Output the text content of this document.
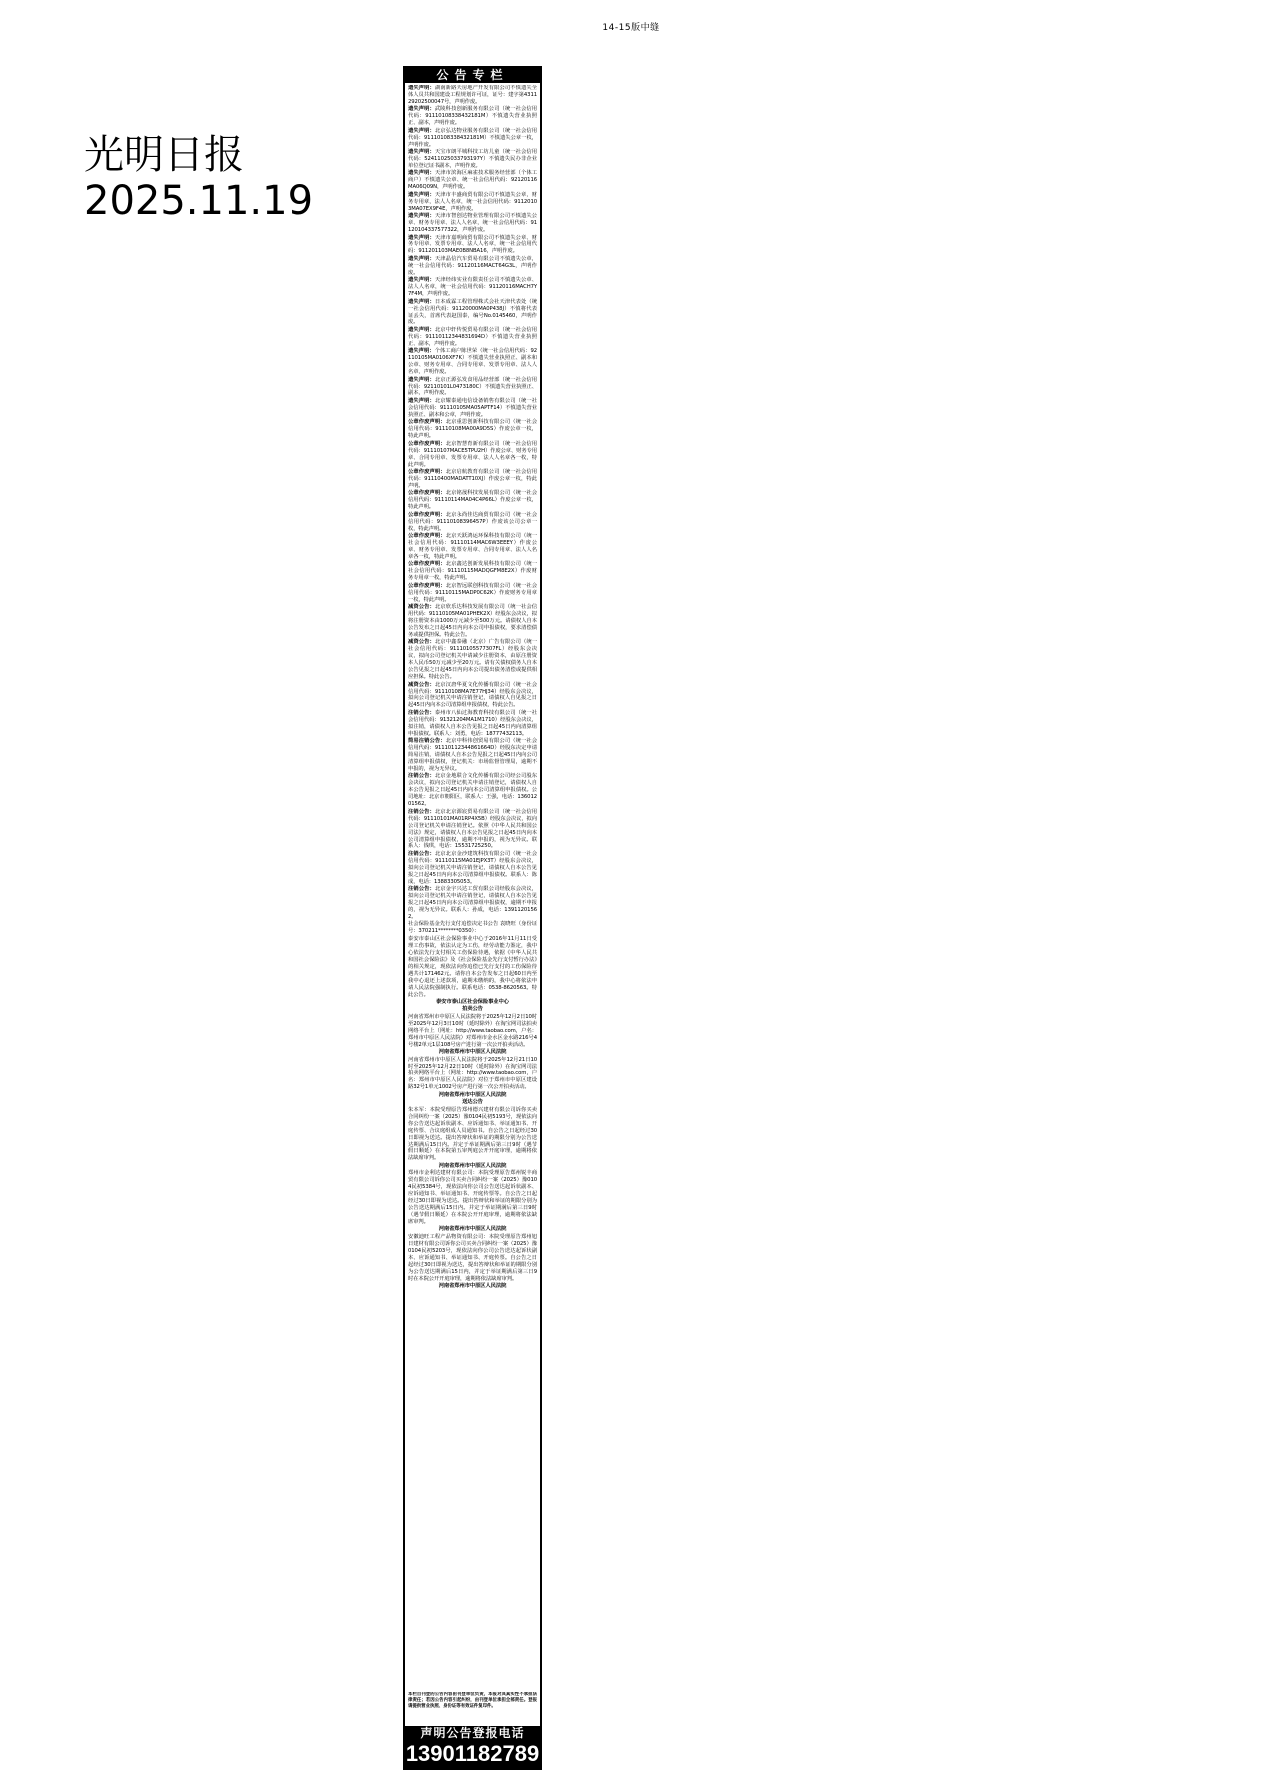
14-15版中缝
光明日报
2025.11.19
公告专栏
遗失声明：湖南新路天房地产开发有限公司不慎遗失全体人员共和国建设工程规划许可证，证号：建字第431129202500047号，声明作废。
遗失声明：武陵科技创新服务有限公司（统一社会信用代码：91110108338432181M）不慎遗失营业执照正、副本，声明作废。
遗失声明：北京弘达物业服务有限公司（统一社会信用代码：91110108338432181M）不慎遗失公章一枚，声明作废。
遗失声明：天宝市朗平城科技工坊儿童（统一社会信用代码：52411025033793197Y）不慎遗失民办非企业单位登记证书副本，声明作废。
遗失声明：天津市滨海区麻雀技术服务经营部（个体工商户）不慎遗失公章、统一社会信用代码：92120116MA06Q09N，声明作废。
遗失声明：天津市丰盛商贸有限公司不慎遗失公章，财务专用章，法人人名章，统一社会信用代码：91120103MA07EX9F4E，声明作废。
遗失声明：天津市智创达物业管理有限公司不慎遗失公章、财务专用章、法人人名章，统一社会信用代码：91120104337577322，声明作废。
遗失声明：天津市嘉明商贸有限公司不慎遗失公章、财务专用章、发票专用章、法人人名章，统一社会信用代码：911201103MAE0B8NBA16，声明作废。
遗失声明：天津晶信汽车贸易有限公司不慎遗失公章，统一社会信用代码：91120116MACT64G3L，声明作废。
遗失声明：天津经纬实业有限责任公司不慎遗失公章、法人人名章，统一社会信用代码：91120116MACH7Y7F4M，声明作废。
遗失声明：日本成霖工程管理株式会社天津代表处（统一社会信用代码：91120000MA0P438J）不慎将代表证丢失，首席代表赵国泰，编号No.0145460，声明作废。
遗失声明：北京中轩传悦贸易有限公司（统一社会信用代码：91110112344831694D）不慎遗失营业执照正、副本，声明作废。
遗失声明：个体工商户陈世荣（统一社会信用代码：92110105MA0106XF7K）不慎遗失营业执照正、副本和公章、财务专用章、合同专用章、发票专用章、法人人名章，声明作废。
遗失声明：北京正源弘发食用品经营部（统一社会信用代码：92110101L0473180C）不慎遗失营业执照正、副本，声明作废。
遗失声明：北京耀泰通电信设备销售有限公司（统一社会信用代码：91110105MA05APTF14）不慎遗失营业执照正、副本和公章，声明作废。
公章作废声明：北京重思创新科技有限公司（统一社会信用代码：91110108MA00A9D5S）作废公章一枚，特此声明。
公章作废声明：北京智慧育新有限公司（统一社会信用代码：91110107MACE5TPU2H）作废公章、财务专用章、合同专用章、发票专用章、法人人名章各一枚，特此声明。
公章作废声明：北京启航教育有限公司（统一社会信用代码：91110400MADATT10XJ）作废公章一枚，特此声明。
公章作废声明：北京铭晟科技发展有限公司（统一社会信用代码：91110114MA04C4P66L）作废公章一枚，特此声明。
公章作废声明：北京永尚佳达商贸有限公司（统一社会信用代码：91110108396457P）作废该公司公章一枚，特此声明。
公章作废声明：北京天跃鸿运环保科技有限公司（统一社会信用代码：91110114MAC6W3EEEY）作废公章、财务专用章、发票专用章、合同专用章、法人人名章各一枚，特此声明。
公章作废声明：北京鑫达创新发展科技有限公司（统一社会信用代码：91110115MADQGFM8E2X）作废财务专用章一枚，特此声明。
公章作废声明：北京智远联创科技有限公司（统一社会信用代码：91110115MADP0C62K）作废财务专用章一枚，特此声明。
减资公告：北京欣乐达科技发展有限公司（统一社会信用代码：91110105MA01PHEK2X）经股东会决议，拟将注册资本由1000万元减少至500万元。请债权人自本公告发布之日起45日内向本公司申报债权，要求清偿债务或提供担保。特此公告。
减资公告：北京中鑫泰融（北京）广告有限公司（统一社会信用代码：91110105577307FL）经股东会决议，拟向公司登记机关申请减少注册资本，由原注册资本人民币50万元减少至20万元。请有关债权债务人自本公告见报之日起45日内向本公司提出债务清偿或提供相应担保。特此公告。
减资公告：北京汉唐华夏文化传播有限公司（统一社会信用代码：91110108MA7E77HJ34）经股东会决议，拟向公司登记机关申请注销登记，请债权人自见报之日起45日内向本公司清算组申报债权，特此公告。
注销公告：泰州市八仙过海教育科技有限公司（统一社会信用代码：91321204MA1M1710）经股东会决议，拟注销，请债权人自本公告见报之日起45日内向清算组申报债权。联系人：刘勇，电话：18777432113。
简易注销公告：北京中科伟创贸易有限公司（统一社会信用代码：91110112344861664D）经股东决定申请简易注销，请债权人自本公告见报之日起45日内向公司清算组申报债权，登记机关：市场监督管理局，逾期不申报的，视为无异议。
注销公告：北京金地联合文化传播有限公司经公司股东会决议，拟向公司登记机关申请注销登记，请债权人自本公告见报之日起45日内向本公司清算组申报债权。公司地址：北京市朝阳区，联系人：王强，电话：13601201562。
注销公告：北京北京源宸贸易有限公司（统一社会信用代码：91110101MA01RP4X5B）经股东会决议，拟向公司登记机关申请注销登记。依照《中华人民共和国公司法》规定，请债权人自本公告见报之日起45日内向本公司清算组申报债权，逾期不申报的，视为无异议。联系人：钱琪，电话：15531725250。
注销公告：北京北京金沙建筑科技有限公司（统一社会信用代码：91110115MA01EJPX3T）经股东会决议，拟向公司登记机关申请注销登记，请债权人自本公告见报之日起45日内向本公司清算组申报债权。联系人：陈成，电话：13883305053。
注销公告：北京金宇兴达工贸有限公司经股东会决议，拟向公司登记机关申请注销登记，请债权人自本公告见报之日起45日内向本公司清算组申报债权，逾期不申报的，视为无异议。联系人：孙成，电话：13911201562。
社会保险基金先行支付追偿决定书公告 袁晓旺（身份证号：370211********0350）：
泰安市泰山区社会保险事业中心于2016年11月11日受理工伤事故，依法认定为工伤，经劳动能力鉴定，我中心依法先行支付相关工伤保险待遇，依据《中华人民共和国社会保险法》及《社会保险基金先行支付暂行办法》的相关规定，现依法向你追偿已先行支付的工伤保险待遇共计171462元。请你自本公告发布之日起60日内至我中心退还上述款项，逾期未缴纳的，我中心将依法申请人民法院强制执行。联系电话：0538-8620563。特此公告。
泰安市泰山区社会保险事业中心
拍卖公告
河南省郑州市中原区人民法院将于2025年12月2日10时至2025年12月3日10时（延时除外）在淘宝网司法拍卖网络平台上（网址：http://www.taobao.com，户名：郑州市中原区人民法院）对郑州市金水区金水路216号4号楼2单元1层108号房产进行第一次公开拍卖活动。
河南省郑州市中原区人民法院
河南省郑州市中原区人民法院将于2025年12月21日10时至2025年12月22日10时（延时除外）在淘宝网司法拍卖网络平台上（网址：http://www.taobao.com，户名：郑州市中原区人民法院）对位于郑州市中原区建设路32号1单元1002号房产进行第一次公开拍卖活动。
河南省郑州市中原区人民法院
送达公告
朱本军：本院受理原告郑州德兴建材有限公司诉你买卖合同纠纷一案（2025）豫0104民初5193号，现依法向你公告送达起诉状副本、应诉通知书、举证通知书、开庭传票、合议庭组成人员通知书。自公告之日起经过30日即视为送达。提出答辩状和举证的期限分别为公告送达期满后15日内。并定于举证期满后第三日9时（遇节假日顺延）在本院第五审判庭公开开庭审理，逾期将依法缺席审判。
河南省郑州市中原区人民法院
郑州市金利达建材有限公司：本院受理原告郑州锐丰商贸有限公司诉你公司买卖合同纠纷一案（2025）豫0104民初5384号，现依法向你公司公告送达起诉状副本、应诉通知书、举证通知书、开庭传票等。自公告之日起经过30日即视为送达。提出答辩状和举证的期限分别为公告送达期满后15日内。并定于举证期满后第三日9时（遇节假日顺延）在本院公开开庭审理，逾期将依法缺席审判。
河南省郑州市中原区人民法院
安徽迪旺工程产品物资有限公司：本院受理原告郑州旭日建材有限公司诉你公司买卖合同纠纷一案（2025）豫0104民初5203号，现依法向你公司公告送达起诉状副本、应诉通知书、举证通知书、开庭传票。自公告之日起经过30日即视为送达，提出答辩状和举证的期限分别为公告送达期满后15日内，并定于举证期满后第三日9时在本院公开开庭审理，逾期将依法缺席审判。
河南省郑州市中原区人民法院
本栏目刊登的公告内容由刊登单位负责，本报对其真实性不承担法律责任；若因公告内容引起纠纷，由刊登单位承担全部责任。登报请提供营业执照、身份证等有效证件复印件。
声明公告登报电话
13901182789
